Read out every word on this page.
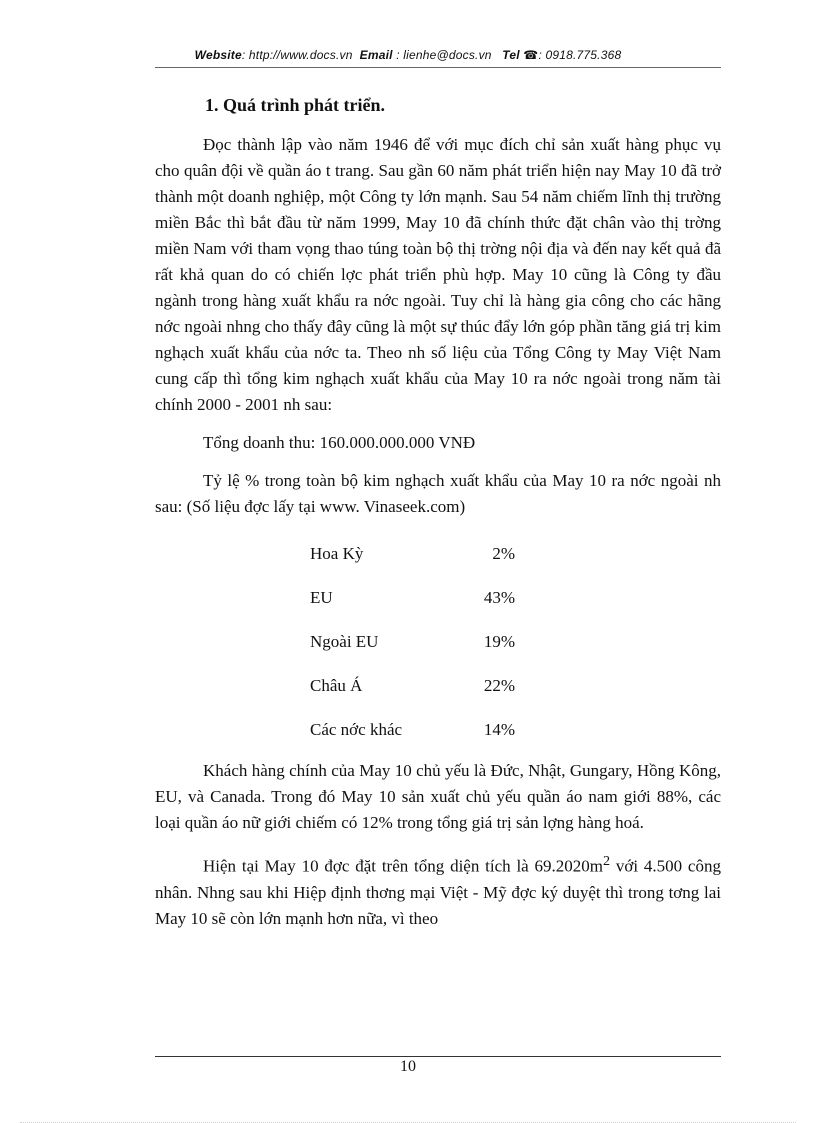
Website: http://www.docs.vn Email : lienhe@docs.vn Tel ☎: 0918.775.368
1. Quá trình phát triển.

Đọc thành lập vào năm 1946 để với mục đích chỉ sản xuất hàng phục vụ cho quân đội về quần áo t trang. Sau gần 60 năm phát triển hiện nay May 10 đã trở thành một doanh nghiệp, một Công ty lớn mạnh. Sau 54 năm chiếm lĩnh thị trường miền Bắc thì bắt đầu từ năm 1999, May 10 đã chính thức đặt chân vào thị trờng miền Nam với tham vọng thao túng toàn bộ thị trờng nội địa và đến nay kết quả đã rất khả quan do có chiến lợc phát triển phù hợp. May 10 cũng là Công ty đầu ngành trong hàng xuất khẩu ra nớc ngoài. Tuy chỉ là hàng gia công cho các hãng nớc ngoài nhng cho thấy đây cũng là một sự thúc đẩy lớn góp phần tăng giá trị kim nghạch xuất khẩu của nớc ta. Theo nh số liệu của Tổng Công ty May Việt Nam cung cấp thì tổng kim nghạch xuất khẩu của May 10 ra nớc ngoài trong năm tài chính 2000 - 2001 nh sau:

Tổng doanh thu: 160.000.000.000 VNĐ

Tỷ lệ % trong toàn bộ kim nghạch xuất khẩu của May 10 ra nớc ngoài nh sau: (Số liệu đợc lấy tại www. Vinaseek.com)

Hoa Kỳ	2%
EU	43%
Ngoài EU	19%
Châu Á	22%
Các nớc khác	14%

Khách hàng chính của May 10 chủ yếu là Đức, Nhật, Gungary, Hồng Kông, EU, và Canada. Trong đó May 10 sản xuất chủ yếu quần áo nam giới 88%, các loại quần áo nữ giới chiếm có 12% trong tổng giá trị sản lợng hàng hoá.

Hiện tại May 10 đợc đặt trên tổng diện tích là $69.2020m^2$ với 4.500 công nhân. Nhng sau khi Hiệp định thơng mại Việt - Mỹ đợc ký duyệt thì trong tơng lai May 10 sẽ còn lớn mạnh hơn nữa, vì theo

10
